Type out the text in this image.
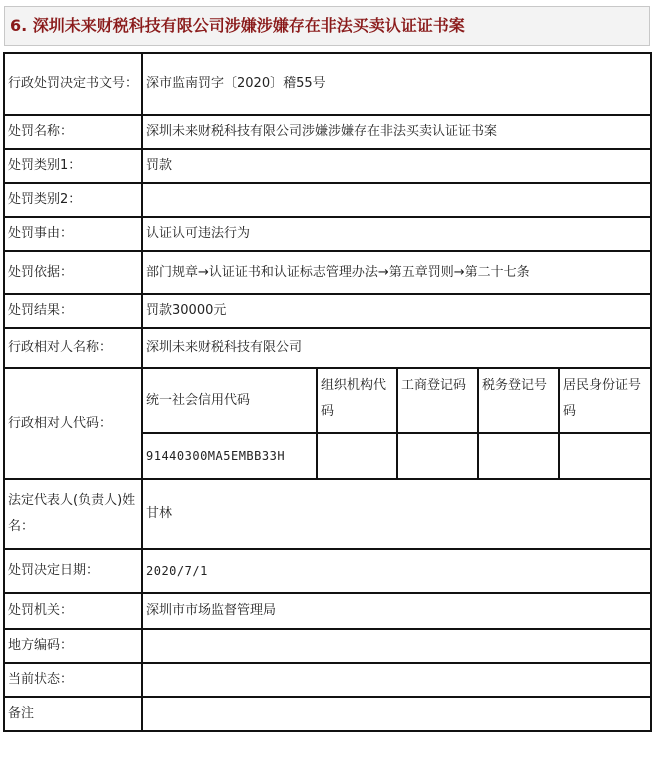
6. 深圳未来财税科技有限公司涉嫌涉嫌存在非法买卖认证证书案
行政处罚决定书文号：	深市监南罚字〔2020〕稽55号				
处罚名称：	深圳未来财税科技有限公司涉嫌涉嫌存在非法买卖认证证书案				
处罚类别1：	罚款				
处罚类别2：					
处罚事由：	认证认可违法行为				
处罚依据：	部门规章→认证证书和认证标志管理办法→第五章罚则→第二十七条				
处罚结果：	罚款30000元				
行政相对人名称：	深圳未来财税科技有限公司				
行政相对人代码：	统一社会信用代码	组织机构代码	工商登记码	税务登记号	居民身份证号码
	91440300MA5EMBB33H				
法定代表人(负责人)姓名：	甘林				
处罚决定日期：	2020/7/1				
处罚机关：	深圳市市场监督管理局				
地方编码：					
当前状态：					
备注					
